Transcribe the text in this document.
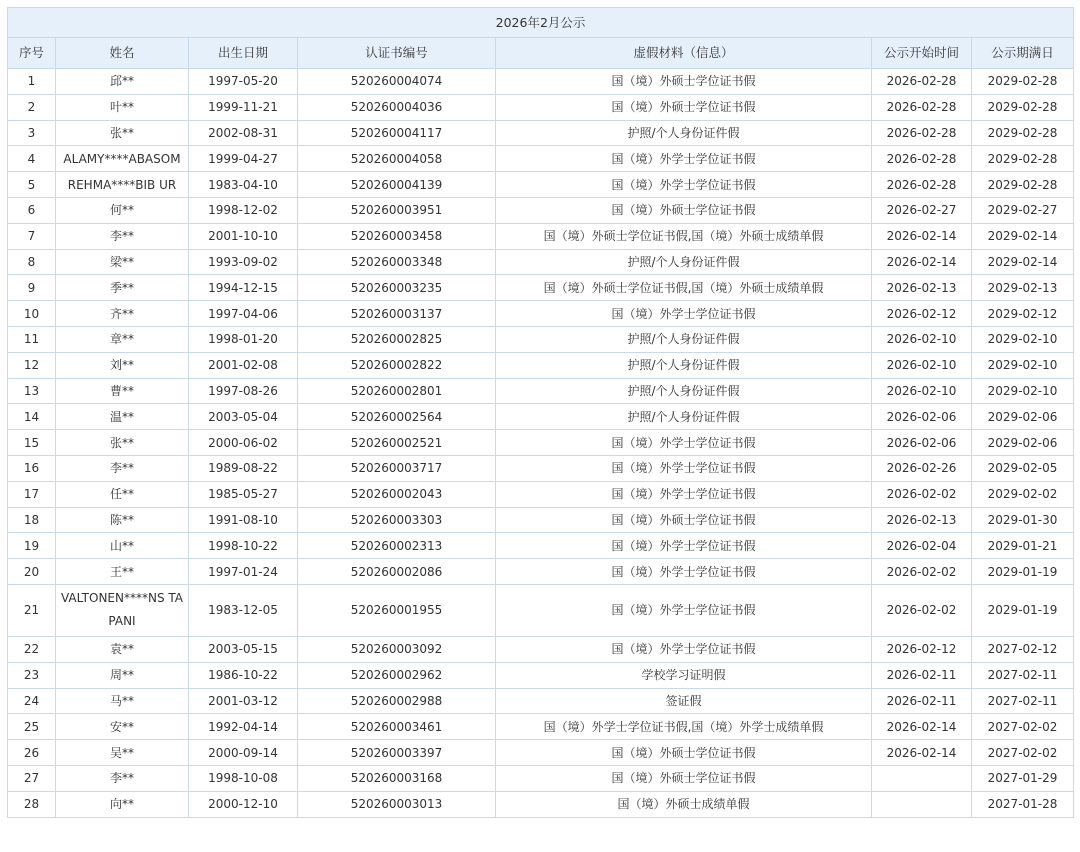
2026年2月公示						
序号	姓名	出生日期	认证书编号	虚假材料（信息）	公示开始时间	公示期满日
1	邱**	1997-05-20	520260004074	国（境）外硕士学位证书假	2026-02-28	2029-02-28
2	叶**	1999-11-21	520260004036	国（境）外硕士学位证书假	2026-02-28	2029-02-28
3	张**	2002-08-31	520260004117	护照/个人身份证件假	2026-02-28	2029-02-28
4	ALAMY****ABASOM	1999-04-27	520260004058	国（境）外学士学位证书假	2026-02-28	2029-02-28
5	REHMA****BIB UR	1983-04-10	520260004139	国（境）外学士学位证书假	2026-02-28	2029-02-28
6	何**	1998-12-02	520260003951	国（境）外硕士学位证书假	2026-02-27	2029-02-27
7	李**	2001-10-10	520260003458	国（境）外硕士学位证书假,国（境）外硕士成绩单假	2026-02-14	2029-02-14
8	梁**	1993-09-02	520260003348	护照/个人身份证件假	2026-02-14	2029-02-14
9	季**	1994-12-15	520260003235	国（境）外硕士学位证书假,国（境）外硕士成绩单假	2026-02-13	2029-02-13
10	齐**	1997-04-06	520260003137	国（境）外学士学位证书假	2026-02-12	2029-02-12
11	章**	1998-01-20	520260002825	护照/个人身份证件假	2026-02-10	2029-02-10
12	刘**	2001-02-08	520260002822	护照/个人身份证件假	2026-02-10	2029-02-10
13	曹**	1997-08-26	520260002801	护照/个人身份证件假	2026-02-10	2029-02-10
14	温**	2003-05-04	520260002564	护照/个人身份证件假	2026-02-06	2029-02-06
15	张**	2000-06-02	520260002521	国（境）外学士学位证书假	2026-02-06	2029-02-06
16	李**	1989-08-22	520260003717	国（境）外学士学位证书假	2026-02-26	2029-02-05
17	任**	1985-05-27	520260002043	国（境）外学士学位证书假	2026-02-02	2029-02-02
18	陈**	1991-08-10	520260003303	国（境）外硕士学位证书假	2026-02-13	2029-01-30
19	山**	1998-10-22	520260002313	国（境）外学士学位证书假	2026-02-04	2029-01-21
20	王**	1997-01-24	520260002086	国（境）外学士学位证书假	2026-02-02	2029-01-19
21	VALTONEN****NS TAPANI	1983-12-05	520260001955	国（境）外学士学位证书假	2026-02-02	2029-01-19
22	袁**	2003-05-15	520260003092	国（境）外学士学位证书假	2026-02-12	2027-02-12
23	周**	1986-10-22	520260002962	学校学习证明假	2026-02-11	2027-02-11
24	马**	2001-03-12	520260002988	签证假	2026-02-11	2027-02-11
25	安**	1992-04-14	520260003461	国（境）外学士学位证书假,国（境）外学士成绩单假	2026-02-14	2027-02-02
26	吴**	2000-09-14	520260003397	国（境）外硕士学位证书假	2026-02-14	2027-02-02
27	李**	1998-10-08	520260003168	国（境）外硕士学位证书假		2027-01-29
28	向**	2000-12-10	520260003013	国（境）外硕士成绩单假		2027-01-28
